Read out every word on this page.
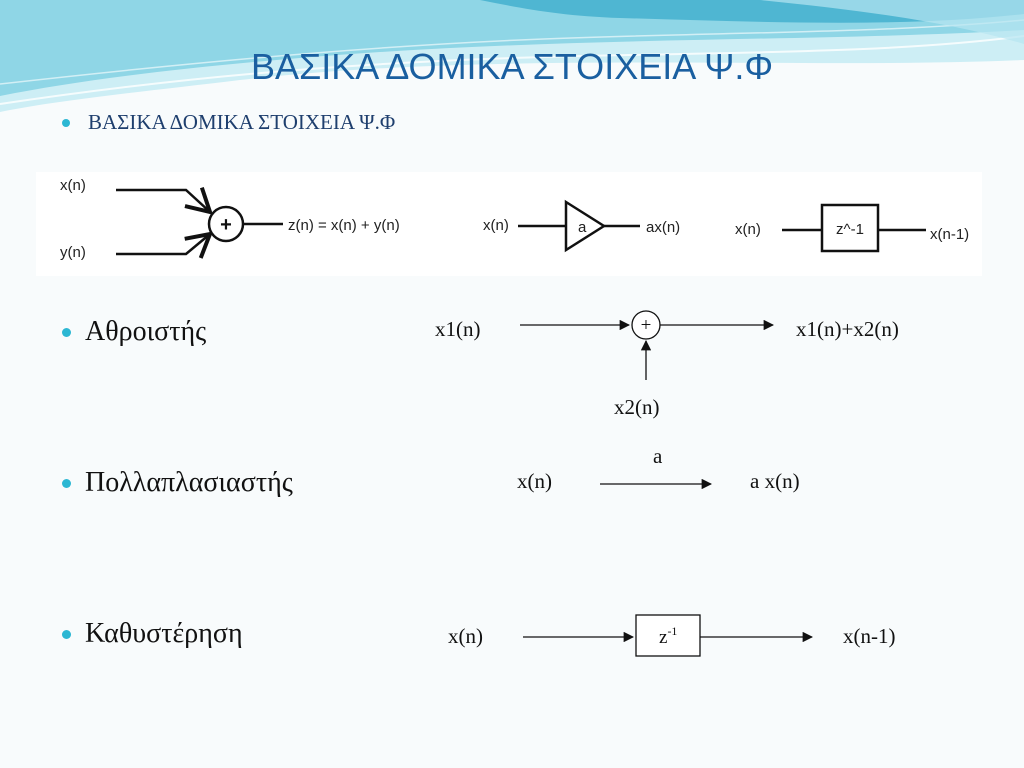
ΒΑΣΙΚΑ ΔΟΜΙΚΑ ΣΤΟΙΧΕΙΑ Ψ.Φ
ΒΑΣΙΚΑ ΔΟΜΙΚΑ ΣΤΟΙΧΕΙΑ Ψ.Φ
Αθροιστής
Πολλαπλασιαστής
Καθυστέρηση
x(n)
y(n)
+	z(n) = x(n) + y(n)	x(n)	a	ax(n)	x(n)	z^-1	x(n-1)
x1(n)	+	x1(n)+x2(n)
x2(n)
a
x(n)	a x(n)
x(n)	$z^{-1}$	x(n-1)
